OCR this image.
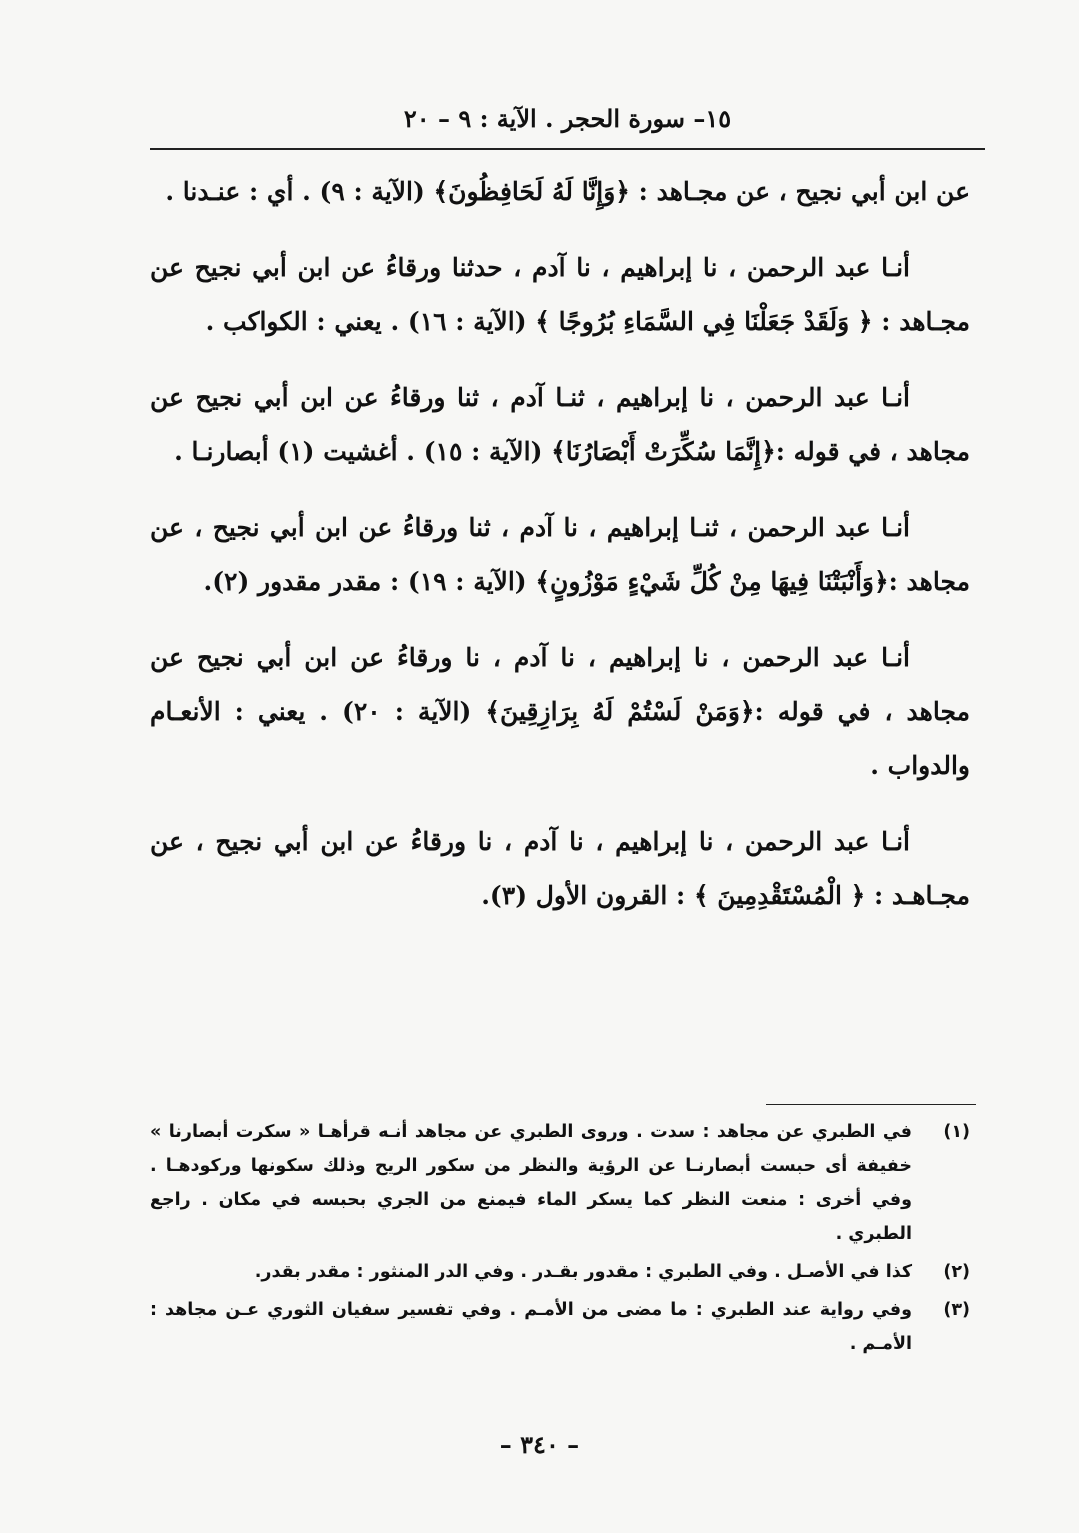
١٥– سورة الحجر . الآية : ٩ – ٢٠

عن ابن أبي نجيح ، عن مجـاهد : ﴿وَإِنَّا لَهُ لَحَافِظُونَ﴾ (الآية : ٩) . أي : عنـدنا .

أنـا عبد الرحمن ، نا إبراهيم ، نا آدم ، حدثنا ورقاءُ عن ابن أبي نجيح عن مجـاهد : ﴿ وَلَقَدْ جَعَلْنَا فِي السَّمَاءِ بُرُوجًا ﴾ (الآية : ١٦) . يعني : الكواكب .

أنـا عبد الرحمن ، نا إبراهيم ، ثنـا آدم ، ثنا ورقاءُ عن ابن أبي نجيح عن مجاهد ، في قوله :﴿إِنَّمَا سُكِّرَتْ أَبْصَارُنَا﴾ (الآية : ١٥) . أغشيت (١) أبصارنـا .

أنـا عبد الرحمن ، ثنـا إبراهيم ، نا آدم ، ثنا ورقاءُ عن ابن أبي نجيح ، عن مجاهد :﴿وَأَنْبَتْنَا فِيهَا مِنْ كُلِّ شَيْءٍ مَوْزُونٍ﴾ (الآية : ١٩) : مقدر مقدور (٢).

أنـا عبد الرحمن ، نا إبراهيم ، نا آدم ، نا ورقاءُ عن ابن أبي نجيح عن مجاهد ، في قوله :﴿وَمَنْ لَسْتُمْ لَهُ بِرَازِقِينَ﴾ (الآية : ٢٠) . يعني : الأنعـام والدواب .

أنـا عبد الرحمن ، نا إبراهيم ، نا آدم ، نا ورقاءُ عن ابن أبي نجيح ، عن مجـاهـد : ﴿ الْمُسْتَقْدِمِينَ ﴾ : القرون الأول (٣).

(١)
في الطبري عن مجاهد : سدت . وروى الطبري عن مجاهد أنـه قرأهـا « سكرت أبصارنا » خفيفة أى حبست أبصارنـا عن الرؤية والنظر من سكور الريح وذلك سكونها وركودهـا . وفي أخرى : منعت النظر كما يسكر الماء فيمنع من الجري بحبسه في مكان . راجع الطبري .
(٢)
كذا في الأصـل . وفي الطبري : مقدور بقـدر . وفي الدر المنثور : مقدر بقدر.
(٣)
وفي رواية عند الطبري : ما مضى من الأمـم . وفي تفسير سفيان الثوري عـن مجاهد : الأمـم .
– ٣٤٠ –
